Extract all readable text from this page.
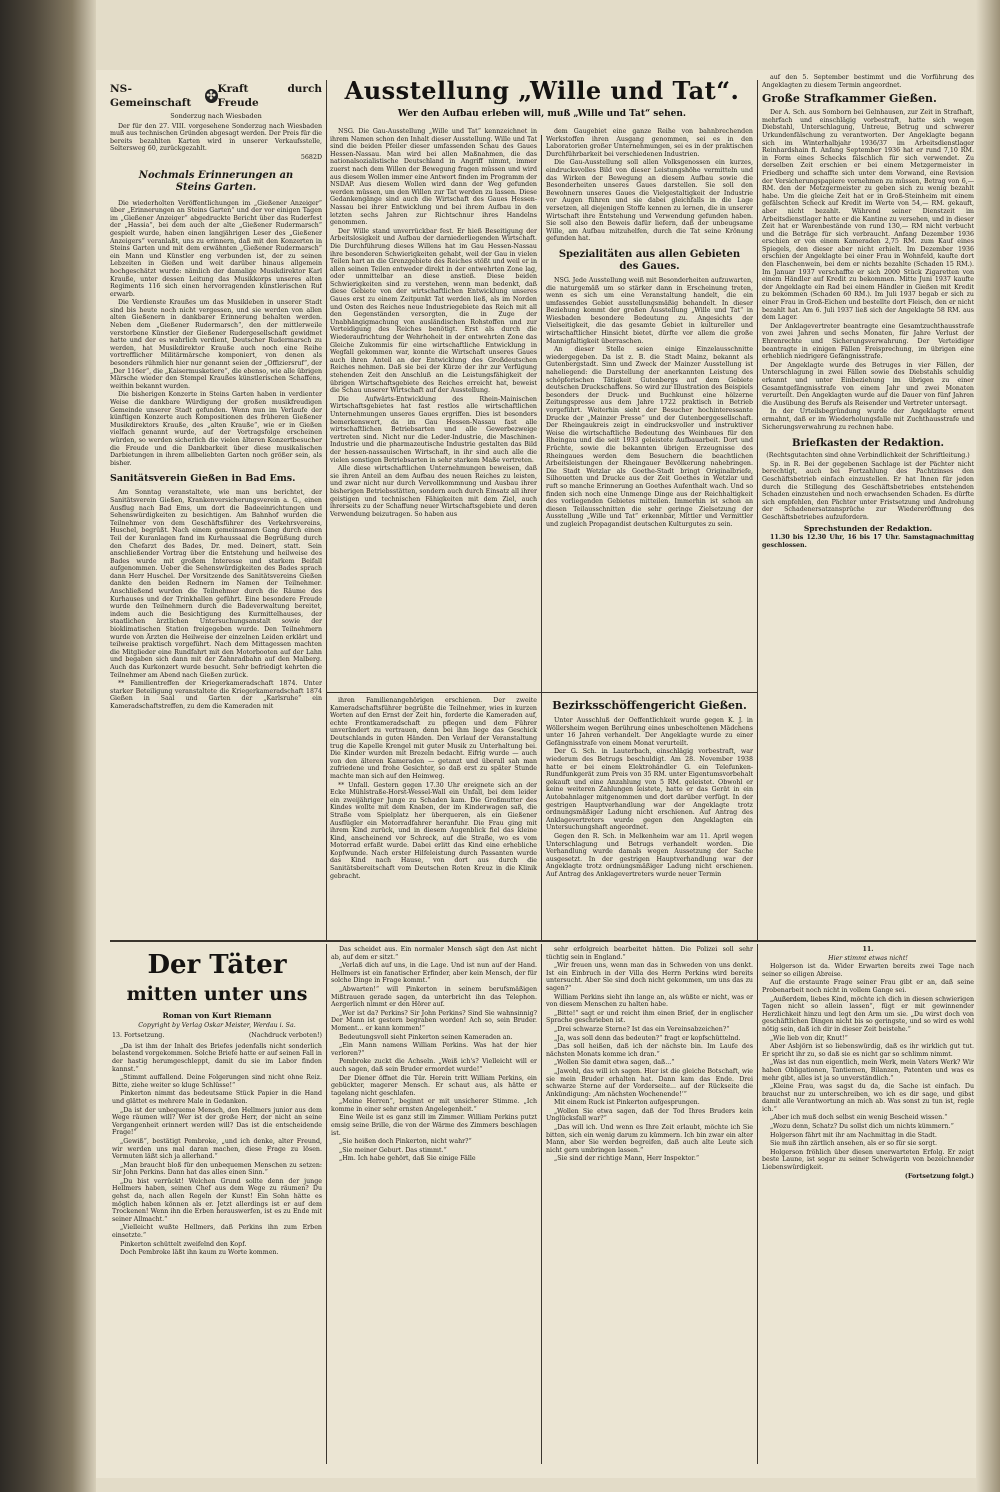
NS-Gemeinschaft
✣ Kraft durch Freude
Sonderzug nach Wiesbaden

Der für den 27. VIII. vorgesehene Sonderzug nach Wiesbaden muß aus technischen Gründen abgesagt werden. Der Preis für die bereits bezahlten Karten wird in unserer Verkaufsstelle, Seltersweg 60, zurückgezahlt.

5682D

Nochmals Erinnerungen an Steins Garten.

Die wiederholten Veröffentlichungen im „Gießener Anzeiger“ über „Erinnerungen an Steins Garten“ und der vor einigen Tagen im „Gießener Anzeiger“ abgedruckte Bericht über das Ruderfest der „Hassia“, bei dem auch der alte „Gießener Rudermarsch“ gespielt wurde, haben einen langjährigen Leser des „Gießener Anzeigers“ veranlaßt, uns zu erinnern, daß mit den Konzerten in Steins Garten und mit dem erwähnten „Gießener Rudermarsch“ ein Mann und Künstler eng verbunden ist, der zu seinen Lebzeiten in Gießen und weit darüber hinaus allgemein hochgeschätzt wurde: nämlich der damalige Musikdirektor Karl Krauße, unter dessen Leitung das Musikkorps unseres alten Regiments 116 sich einen hervorragenden künstlerischen Ruf erwarb.

Die Verdienste Kraußes um das Musikleben in unserer Stadt sind bis heute noch nicht vergessen, und sie werden von allen alten Gießenern in dankbarer Erinnerung behalten werden. Neben dem „Gießener Rudermarsch“, den der mittlerweile verstorbene Künstler der Gießener Rudergesellschaft gewidmet hatte und der es wahrlich verdient, Deutscher Rudermarsch zu werden, hat Musikdirektor Krauße auch noch eine Reihe vortrefflicher Militärmärsche komponiert, von denen als besonders rühmlich hier nur genannt seien der „Offiziersruf“, der „Der 116er“, die „Kaisermusketiere“, die ebenso, wie alle übrigen Märsche wieder den Stempel Kraußes künstlerischen Schaffens, weithin bekannt wurden.

Die bisherigen Konzerte in Steins Garten haben in verdienter Weise die dankbare Würdigung der großen musikfreudigen Gemeinde unserer Stadt gefunden. Wenn nun im Verlaufe der künftigen Konzerte auch Kompositionen des früheren Gießener Musikdirektors Krauße, des „alten Krauße“, wie er in Gießen vielfach genannt wurde, auf der Vortragsfolge erscheinen würden, so werden sicherlich die vielen älteren Konzertbesucher die Freude und die Dankbarkeit über diese musikalischen Darbietungen in ihrem allbeliebten Garten noch größer sein, als bisher.

Sanitätsverein Gießen in Bad Ems.

Am Sonntag veranstaltete, wie man uns berichtet, der Sanitätsverein Gießen, Krankenversicherungsverein a. G., einen Ausflug nach Bad Ems, um dort die Badeeinrichtungen und Sehenswürdigkeiten zu besichtigen. Am Bahnhof wurden die Teilnehmer von dem Geschäftsführer des Verkehrsvereins, Huschel, begrüßt. Nach einem gemeinsamen Gang durch einen Teil der Kuranlagen fand im Kurhaussaal die Begrüßung durch den Chefarzt des Bades, Dr. med. Deinert, statt. Sein anschließender Vortrag über die Entstehung und heilweise des Bades wurde mit großem Interesse und starkem Beifall aufgenommen. Ueber die Sehenswürdigkeiten des Bades sprach dann Herr Huschel. Der Vorsitzende des Sanitätsvereins Gießen dankte den beiden Rednern im Namen der Teilnehmer. Anschließend wurden die Teilnehmer durch die Räume des Kurhauses und der Trinkhallen geführt. Eine besondere Freude wurde den Teilnehmern durch die Badeverwaltung bereitet, indem auch die Besichtigung des Kurmittelhauses, der staatlichen ärztlichen Untersuchungsanstalt sowie der bioklimatischen Station freigegeben wurde. Den Teilnehmern wurde von Ärzten die Heilweise der einzelnen Leiden erklärt und teilweise praktisch vorgeführt. Nach dem Mittagessen machten die Mitglieder eine Rundfahrt mit den Motorbooten auf der Lahn und begaben sich dann mit der Zahnradbahn auf den Malberg. Auch das Kurkonzert wurde besucht. Sehr befriedigt kehrten die Teilnehmer am Abend nach Gießen zurück.

** Familientreffen der Kriegerkameradschaft 1874. Unter starker Beteiligung veranstaltete die Kriegerkameradschaft 1874 Gießen in Saal und Garten der „Karlsruhe“ ein Kameradschaftstreffen, zu dem die Kameraden mit

Ausstellung „Wille und Tat“.
Wer den Aufbau erleben will, muß „Wille und Tat“ sehen.

NSG. Die Gau-Ausstellung „Wille und Tat“ kennzeichnet in ihrem Namen schon den Inhalt dieser Ausstellung. Wille und Tat sind die beiden Pfeiler dieser umfassenden Schau des Gaues Hessen-Nassau. Man wird bei allen Maßnahmen, die das nationalsozialistische Deutschland in Angriff nimmt, immer zuerst nach dem Willen der Bewegung fragen müssen und wird aus diesem Wollen immer eine Antwort finden im Programm der NSDAP. Aus diesem Wollen wird dann der Weg gefunden werden müssen, um den Willen zur Tat werden zu lassen. Diese Gedankengänge sind auch die Wirtschaft des Gaues Hessen-Nassau bei ihrer Entwicklung und bei ihrem Aufbau in den letzten sechs Jahren zur Richtschnur ihres Handelns genommen.

Der Wille stand unverrückbar fest. Er hieß Beseitigung der Arbeitslosigkeit und Aufbau der darniederliegenden Wirtschaft. Die Durchführung dieses Willens hat im Gau Hessen-Nassau ihre besonderen Schwierigkeiten gehabt, weil der Gau in vielen Teilen hart an die Grenzgebiete des Reiches stößt und weil er in allen seinen Teilen entweder direkt in der entwehrten Zone lag, oder unmittelbar an diese anstieß. Diese beiden Schwierigkeiten sind zu verstehen, wenn man bedenkt, daß diese Gebiete von der wirtschaftlichen Entwicklung unseres Gaues erst zu einem Zeitpunkt Tat werden ließ, als im Norden und Osten des Reiches neue Industriegebiete das Reich mit all den Gegenständen versorgten, die in Zuge der Unabhängigmachung von ausländischen Rohstoffen und zur Verteidigung des Reiches benötigt. Erst als durch die Wiederaufrichtung der Wehrhoheit in der entwehrten Zone das Gleiche Zukommis für eine wirtschaftliche Entwicklung in Wegfall gekommen war, konnte die Wirtschaft unseres Gaues auch ihren Anteil an der Entwicklung des Großdeutschen Reiches nehmen. Daß sie bei der Kürze der ihr zur Verfügung stehenden Zeit den Anschluß an die Leistungsfähigkeit der übrigen Wirtschaftsgebiete des Reiches erreicht hat, beweist die Schau unserer Wirtschaft auf der Ausstellung.

Die Aufwärts-Entwicklung des Rhein-Mainischen Wirtschaftsgebietes hat fast restlos alle wirtschaftlichen Unternehmungen unseres Gaues ergriffen. Dies ist besonders bemerkenswert, da im Gau Hessen-Nassau fast alle wirtschaftlichen Betriebsarten und alle Gewerbezweige vertreten sind. Nicht nur die Leder-Industrie, die Maschinen-Industrie und die pharmazeutische Industrie gestalten das Bild der hessen-nassauischen Wirtschaft, in ihr sind auch alle die vielen sonstigen Betriebsarten in sehr starkem Maße vertreten.

Alle diese wirtschaftlichen Unternehmungen beweisen, daß sie ihren Anteil an dem Aufbau des neuen Reiches zu leisten, und zwar nicht nur durch Vervollkommnung und Ausbau ihrer bisherigen Betriebsstätten, sondern auch durch Einsatz all ihrer geistigen und technischen Fähigkeiten mit dem Ziel, auch ihrerseits zu der Schaffung neuer Wirtschaftsgebiete und deren Verwendung beizutragen. So haben aus

dem Gaugebiet eine ganze Reihe von bahnbrechenden Werkstoffen ihren Ausgang genommen, sei es in den Laboratorien großer Unternehmungen, sei es in der praktischen Durchführbarkeit bei verschiedenen Industrien.

Die Gau-Ausstellung soll allen Volksgenossen ein kurzes, eindrucksvolles Bild von dieser Leistungshöhe vermitteln und das Wirken der Bewegung an diesem Aufbau sowie die Besonderheiten unseres Gaues darstellen. Sie soll den Bewohnern unseres Gaues die Vielgestaltigkeit der Industrie vor Augen führen und sie dabei gleichfalls in die Lage versetzen, all diejenigen Stoffe kennen zu lernen, die in unserer Wirtschaft ihre Entstehung und Verwendung gefunden haben. Sie soll also den Beweis dafür liefern, daß der unbeugsame Wille, am Aufbau mitzuhelfen, durch die Tat seine Krönung gefunden hat.

Spezialitäten aus allen Gebieten des Gaues.

NSG. Jede Ausstellung weiß mit Besonderheiten aufzuwarten, die naturgemäß um so stärker dann in Erscheinung treten, wenn es sich um eine Veranstaltung handelt, die ein umfassendes Gebiet ausstellungsmäßig behandelt. In dieser Beziehung kommt der großen Ausstellung „Wille und Tat“ in Wiesbaden besondere Bedeutung zu. Angesichts der Vielseitigkeit, die das gesamte Gebiet in kultureller und wirtschaftlicher Hinsicht bietet, dürfte vor allem die große Mannigfaltigkeit überraschen.

An dieser Stelle seien einige Einzelausschnitte wiedergegeben. Da ist z. B. die Stadt Mainz, bekannt als Gutenbergstadt. Sinn und Zweck der Mainzer Ausstellung ist naheliegend: die Darstellung der anerkannten Leistung des schöpferischen Tätigkeit Gutenbergs auf dem Gebiete deutschen Druckschaffens. So wird zur Illustration des Beispiels besonders der Druck- und Buchkunst eine hölzerne Zeitungspresse aus dem Jahre 1722 praktisch in Betrieb vorgeführt. Weiterhin sieht der Besucher hochinteressante Drucke der „Mainzer Presse“ und der Gutenberggesellschaft. Der Rheingaukreis zeigt in eindrucksvoller und instruktiver Weise die wirtschaftliche Bedeutung des Weinbaues für den Rheingau und die seit 1933 geleistete Aufbauarbeit. Dort und Früchte, sowie die bekannten übrigen Erzeugnisse des Rheingaues werden dem Besuchern die beachtlichen Arbeitsleistungen der Rheingauer Bevölkerung nahebringen. Die Stadt Wetzlar als Goethe-Stadt bringt Originalbriefe, Silhouetten und Drucke aus der Zeit Goethes in Wetzlar und ruft so manche Erinnerung an Goethes Aufenthalt wach. Und so finden sich noch eine Unmenge Dinge aus der Reichhaltigkeit des vorliegenden Gebietes mitteilen. Immerhin ist schon an diesen Teilausschnitten die sehr geringe Zielsetzung der Ausstellung „Wille und Tat“ erkennbar, Mittler und Vermittler und zugleich Propagandist deutschen Kulturgutes zu sein.

ihren Familienangehörigen erschienen. Der zweite Kameradschaftsführer begrüßte die Teilnehmer, wies in kurzen Worten auf den Ernst der Zeit hin, forderte die Kameraden auf, echte Frontkameradschaft zu pflegen und dem Führer unverändert zu vertrauen, denn bei ihm liege das Geschick Deutschlands in guten Händen. Den Verlauf der Veranstaltung trug die Kapelle Krengel mit guter Musik zu Unterhaltung bei. Die Kinder wurden mit Brezeln bedacht. Eifrig wurde — auch von den älteren Kameraden — getanzt und überall sah man zufriedene und frohe Gesichter, so daß erst zu später Stunde machte man sich auf den Heimweg.

** Unfall. Gestern gegen 17.30 Uhr ereignete sich an der Ecke Mühlstraße-Horst-Wessel-Wall ein Unfall, bei dem leider ein zweijähriger Junge zu Schaden kam. Die Großmutter des Kindes wollte mit dem Knaben, der im Kinderwagen saß, die Straße vom Spielplatz her überqueren, als ein Gießener Ausflügler ein Motorradfahrer heranfuhr. Die Frau ging mit ihrem Kind zurück, und in diesem Augenblick fiel das kleine Kind, anscheinend vor Schreck, auf die Straße, wo es vom Motorrad erfaßt wurde. Dabei erlitt das Kind eine erhebliche Kopfwunde. Nach erster Hilfeleistung durch Passanten wurde das Kind nach Hause, von dort aus durch die Sanitätsbereitschaft vom Deutschen Roten Kreuz in die Klinik gebracht.

Bezirksschöffengericht Gießen.

Unter Ausschluß der Oeffentlichkeit wurde gegen K. J. in Wöllersheim wegen Berührung eines unbescholtenen Mädchens unter 16 Jahren verhandelt. Der Angeklagte wurde zu einer Gefängnisstrafe von einem Monat verurteilt.

Der G. Sch. in Lauterbach, einschlägig vorbestraft, war wiederum des Betrugs beschuldigt. Am 28. November 1938 hatte er bei einem Elektrohändler G. ein Telefunken-Rundfunkgerät zum Preis von 35 RM. unter Eigentumsvorbehalt gekauft und eine Anzahlung von 5 RM. geleistet. Obwohl er keine weiteren Zahlungen leistete, hatte er das Gerät in ein Autobahnlager mitgenommen und dort darüber verfügt. In der gestrigen Hauptverhandlung war der Angeklagte trotz ordnungsmäßiger Ladung nicht erschienen. Auf Antrag des Anklagevertreters wurde gegen den Angeklagten ein Untersuchungshaft angeordnet.

Gegen den R. Sch. in Melkenheim war am 11. April wegen Unterschlagung und Betrugs verhandelt worden. Die Verhandlung wurde damals wegen Aussetzung der Sache ausgesetzt. In der gestrigen Hauptverhandlung war der Angeklagte trotz ordnungsmäßiger Ladung nicht erschienen. Auf Antrag des Anklagevertreters wurde neuer Termin

auf den 5. September bestimmt und die Vorführung des Angeklagten zu diesem Termin angeordnet.

Große Strafkammer Gießen.

Der A. Sch. aus Somborn bei Gelnhausen, zur Zeit in Strafhaft, mehrfach und einschlägig vorbestraft, hatte sich wegen Diebstahl, Unterschlagung, Untreue, Betrug und schwerer Urkundenfälschung zu verantworten. Der Angeklagte begann sich im Winterhalbjahr 1936/37 im Arbeitsdienstlager Reinhardshain fl. Anfang September 1936 hat er rund 7,10 RM. in Form eines Schecks fälschlich für sich verwendet. Zu derselben Zeit erschien er bei einem Metzgermeister in Friedberg und schaffte sich unter dem Vorwand, eine Revision der Versicherungspapiere vornehmen zu müssen, Betrag von 6,— RM. den der Metzgermeister zu geben sich zu wenig bezahlt habe. Um die gleiche Zeit hat er in Groß-Steinheim mit einem gefälschten Scheck auf Kredit im Werte von 54,— RM. gekauft, aber nicht bezahlt. Während seiner Dienstzeit im Arbeitsdienstlager hatte er die Kantine zu versehen, und in dieser Zeit hat er Warenbestände von rund 130,— RM nicht verbucht und die Beträge für sich verbraucht. Anfang Dezember 1936 erschien er von einem Kameraden 2,75 RM. zum Kauf eines Spiegels, den dieser aber nicht erhielt. Im Dezember 1936 erschien der Angeklagte bei einer Frau in Wohnfeld, kaufte dort den Flaschenwein, bei dem er nichts bezahlte (Schaden 15 RM.). Im Januar 1937 verschaffte er sich 2000 Stück Zigaretten von einem Händler auf Kredit zu bekommen. Mitte Juni 1937 kaufte der Angeklagte ein Rad bei einem Händler in Gießen mit Kredit zu bekommen (Schaden 60 RM.). Im Juli 1937 begab er sich zu einer Frau in Groß-Eichen und bestellte dort Fleisch, den er nicht bezahlt hat. Am 6. Juli 1937 ließ sich der Angeklagte 58 RM. aus dem Lager.

Der Anklagevertreter beantragte eine Gesamtzuchthausstrafe von zwei Jahren und sechs Monaten, für Jahre Verlust der Ehrenrechte und Sicherungsverwahrung. Der Verteidiger beantragte in einigen Fällen Freisprechung, im übrigen eine erheblich niedrigere Gefängnisstrafe.

Der Angeklagte wurde des Betruges in vier Fällen, der Unterschlagung in zwei Fällen sowie des Diebstahls schuldig erkannt und unter Einbeziehung im übrigen zu einer Gesamtgefängnisstrafe von einem Jahr und zwei Monaten verurteilt. Den Angeklagten wurde auf die Dauer von fünf Jahren die Ausübung des Berufs als Reisender und Vertreter untersagt.

In der Urteilsbegründung wurde der Angeklagte erneut ermahnt, daß er im Wiederholungsfalle mit Zuchthausstrafe und Sicherungsverwahrung zu rechnen habe.

Briefkasten der Redaktion.

(Rechtsgutachten sind ohne Verbindlichkeit der Schriftleitung.)

Sp. in R. Bei der gegebenen Sachlage ist der Pächter nicht berechtigt, auch bei Fortzahlung des Pachtzinses den Geschäftsbetrieb einfach einzustellen. Er hat Ihnen für jeden durch die Stillegung des Geschäftsbetriebes entstehenden Schaden einzustehen und noch erwachsenden Schaden. Es dürfte sich empfehlen, den Pächter unter Fristsetzung und Androhung der Schadenersatzansprüche zur Wiedereröffnung des Geschäftsbetriebes aufzufordern.

Sprechstunden der Redaktion.

11.30 bis 12.30 Uhr, 16 bis 17 Uhr. Samstagnachmittag geschlossen.

Der Täter
mitten unter uns
Roman von Kurt Riemann

Copyright by Verlag Oskar Meister, Werdau i. Sa.

13. Fortsetzung.	(Nachdruck verboten!)

„Da ist ihm der Inhalt des Briefes jedenfalls nicht sonderlich belastend vorgekommen. Solche Briefe hatte er auf seinen Fall in der hastig herumgeschleppt, damit du sie im Labor finden kannst.“

„Stimmt auffallend. Deine Folgerungen sind nicht ohne Reiz. Bitte, ziehe weiter so kluge Schlüsse!“

Pinkerton nimmt das bedeutsame Stück Papier in die Hand und glättet es mehrere Male in Gedanken.

„Da ist der unbequeme Mensch, den Hellmers junior aus dem Wege räumen will? Wer ist der große Herr, der nicht an seine Vergangenheit erinnert werden will? Das ist die entscheidende Frage!“

„Gewiß“, bestätigt Pembroke, „und ich denke, alter Freund, wir werden uns mal daran machen, diese Frage zu lösen. Vermuten läßt sich ja allerhand.“

„Man braucht bloß für den unbequemen Menschen zu setzen: Sir John Perkins. Dann hat das alles einen Sinn.“

„Du bist verrückt! Welchen Grund sollte denn der junge Hellmers haben, seinen Chef aus dem Wege zu räumen? Du gehst da, nach allen Regeln der Kunst! Ein Sohn hätte es möglich haben können als er. Jetzt allerdings ist er auf dem Trockenen! Wenn ihn die Erben herauswerfen, ist es zu Ende mit seiner Allmacht.“

„Vielleicht wußte Hellmers, daß Perkins ihn zum Erben einsetzte.“

Pinkerton schüttelt zweifelnd den Kopf.

Doch Pembroke läßt ihn kaum zu Worte kommen.

Das scheidet aus. Ein normaler Mensch sägt den Ast nicht ab, auf dem er sitzt.“

„Verlaß dich auf uns, in die Lage. Und ist nun auf der Hand. Hellmers ist ein fanatischer Erfinder, aber kein Mensch, der für solche Dinge in Frage kommt.“

„Abwarten!“ will Pinkerton in seinem berufsmäßigen Mißtrauen gerade sagen, da unterbricht ihn das Telephon. Aergerlich nimmt er den Hörer auf.

„Wer ist da? Perkins? Sir John Perkins? Sind Sie wahnsinnig? Der Mann ist gestern begraben worden! Ach so, sein Bruder. Moment... er kann kommen!“

Bedeutungsvoll sieht Pinkerton seinen Kameraden an.

„Ein Mann namens William Perkins. Was hat der hier verloren?“

Pembroke zuckt die Achseln. „Weiß ich's? Vielleicht will er auch sagen, daß sein Bruder ermordet wurde!“

Der Diener öffnet die Tür. Herein tritt William Perkins, ein gebückter, magerer Mensch. Er schaut aus, als hätte er tagelang nicht geschlafen.

„Meine Herren“, beginnt er mit unsicherer Stimme. „Ich komme in einer sehr ernsten Angelegenheit.“

Eine Weile ist es ganz still im Zimmer. William Perkins putzt emsig seine Brille, die von der Wärme des Zimmers beschlagen ist.

„Sie heißen doch Pinkerton, nicht wahr?“

„Sie meiner Geburt. Das stimmt.“

„Hm. Ich habe gehört, daß Sie einige Fälle

sehr erfolgreich bearbeitet hätten. Die Polizei soll sehr tüchtig sein in England.“

„Wir freuen uns, wenn man das in Schweden von uns denkt. Ist ein Einbruch in der Villa des Herrn Perkins wird bereits untersucht. Aber Sie sind doch nicht gekommen, um uns das zu sagen?“

William Perkins sieht ihn lange an, als wüßte er nicht, was er von diesem Menschen zu halten habe.

„Bitte!“ sagt er und reicht ihm einen Brief, der in englischer Sprache geschrieben ist.

„Drei schwarze Sterne? Ist das ein Vereinsabzeichen?“

„Ja, was soll denn das bedeuten?“ fragt er kopfschüttelnd.

„Das soll heißen, daß ich der nächste bin. Im Laufe des nächsten Monats komme ich dran.“

„Wollen Sie damit etwa sagen, daß...“

„Jawohl, das will ich sagen. Hier ist die gleiche Botschaft, wie sie mein Bruder erhalten hat. Dann kam das Ende. Drei schwarze Sterne auf der Vorderseite... auf der Rückseite die Ankündigung: ‚Am nächsten Wochenende!‘“

Mit einem Ruck ist Pinkerton aufgesprungen.

„Wollen Sie etwa sagen, daß der Tod Ihres Bruders kein Unglücksfall war?“

„Das will ich. Und wenn es Ihre Zeit erlaubt, möchte ich Sie bitten, sich ein wenig darum zu kümmern. Ich bin zwar ein alter Mann, aber Sie werden begreifen, daß auch alte Leute sich nicht gern umbringen lassen.“

„Sie sind der richtige Mann, Herr Inspektor.“

11.

Hier stimmt etwas nicht!

Holgerson ist da. Wider Erwarten bereits zwei Tage nach seiner so eiligen Abreise.

Auf die erstaunte Frage seiner Frau gibt er an, daß seine Probenarbeit noch nicht in vollem Gange sei.

„Außerdem, liebes Kind, möchte ich dich in diesen schwierigen Tagen nicht so allein lassen“, fügt er mit gewinnender Herzlichkeit hinzu und legt den Arm um sie. „Du wirst doch von geschäftlichen Dingen nicht bis so geringste, und so wird es wohl nötig sein, daß ich dir in dieser Zeit beistehe.“

„Wie lieb von dir, Knut!“

Aber Asbjörn ist so liebenswürdig, daß es ihr wirklich gut tut. Er spricht ihr zu, so daß sie es nicht gar so schlimm nimmt.

„Was ist das nun eigentlich, mein Werk, mein Vaters Werk? Wir haben Obligationen, Tantiemen, Bilanzen, Patenten und was es mehr gibt, alles ist ja so unverständlich.“

„Kleine Frau, was sagst du da, die Sache ist einfach. Du brauchst nur zu unterschreiben, wo ich es dir sage, und gibst damit alle Verantwortung an mich ab. Was sonst zu tun ist, regle ich.“

„Aber ich muß doch selbst ein wenig Bescheid wissen.“

„Wozu denn, Schatz? Du sollst dich um nichts kümmern.“

Holgerson fährt mit ihr am Nachmittag in die Stadt.

Sie muß ihn zärtlich ansehen, als er so für sie sorgt.

Holgerson fröhlich über diesen unerwarteten Erfolg. Er zeigt beste Laune, ist sogar zu seiner Schwägerin von bezeichnender Liebenswürdigkeit.

(Fortsetzung folgt.)
